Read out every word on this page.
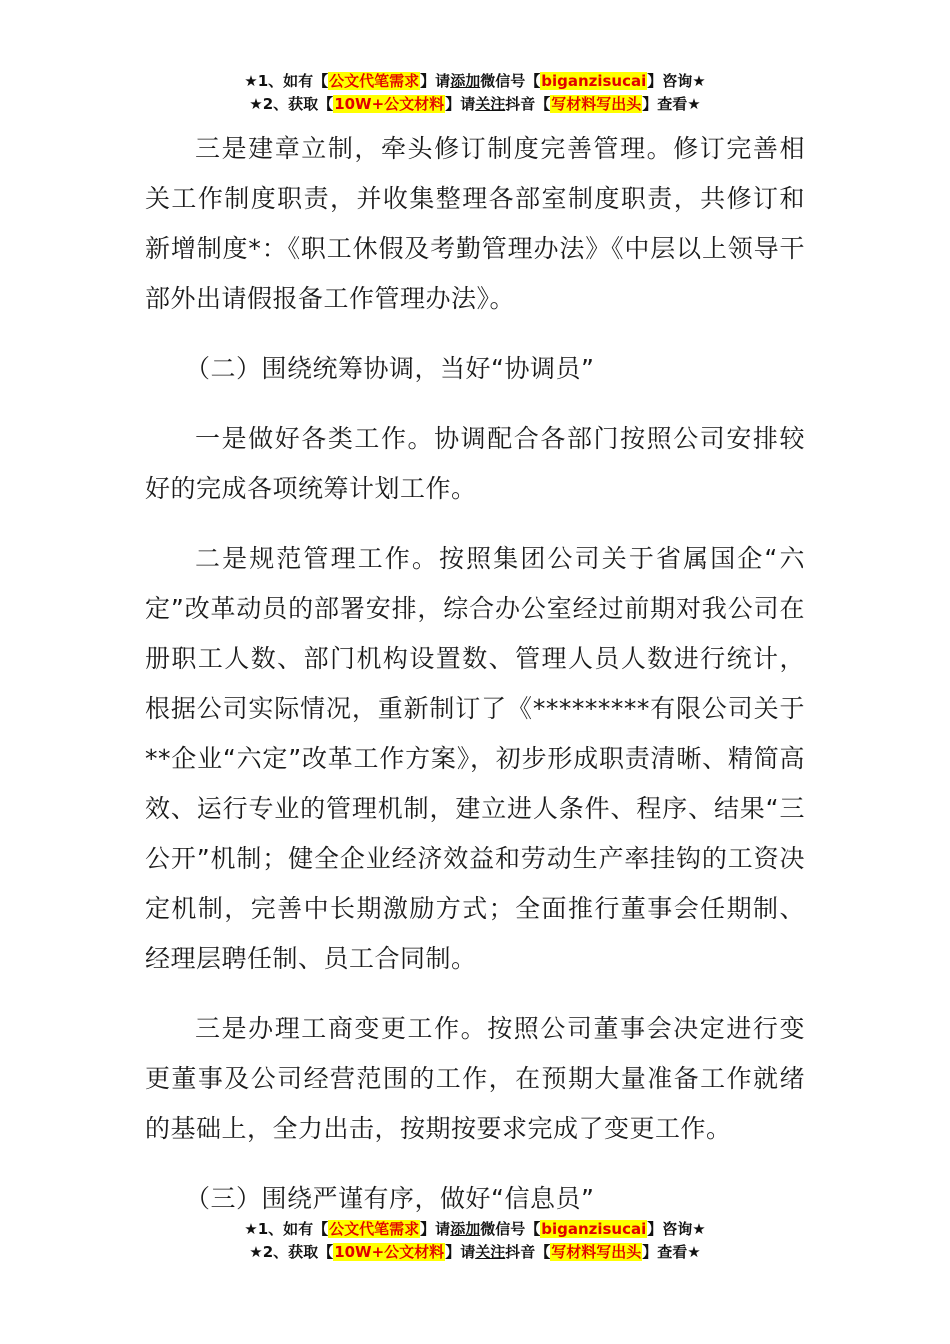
★1、如有【公文代笔需求】请添加微信号【biganzisucai】咨询★
★2、获取【10W+公文材料】请关注抖音【写材料写出头】查看★

三是建章立制，牵头修订制度完善管理。修订完善相关工作制度职责，并收集整理各部室制度职责，共修订和新增制度*：《职工休假及考勤管理办法》《中层以上领导干部外出请假报备工作管理办法》。

（二）围绕统筹协调，当好“协调员”

一是做好各类工作。协调配合各部门按照公司安排较好的完成各项统筹计划工作。

二是规范管理工作。按照集团公司关于省属国企“六定”改革动员的部署安排，综合办公室经过前期对我公司在册职工人数、部门机构设置数、管理人员人数进行统计，根据公司实际情况，重新制订了《*********有限公司关于**企业“六定”改革工作方案》，初步形成职责清晰、精简高效、运行专业的管理机制，建立进人条件、程序、结果“三公开”机制；健全企业经济效益和劳动生产率挂钩的工资决定机制，完善中长期激励方式；全面推行董事会任期制、经理层聘任制、员工合同制。

三是办理工商变更工作。按照公司董事会决定进行变更董事及公司经营范围的工作，在预期大量准备工作就绪的基础上，全力出击，按期按要求完成了变更工作。

（三）围绕严谨有序，做好“信息员”

★1、如有【公文代笔需求】请添加微信号【biganzisucai】咨询★
★2、获取【10W+公文材料】请关注抖音【写材料写出头】查看★
